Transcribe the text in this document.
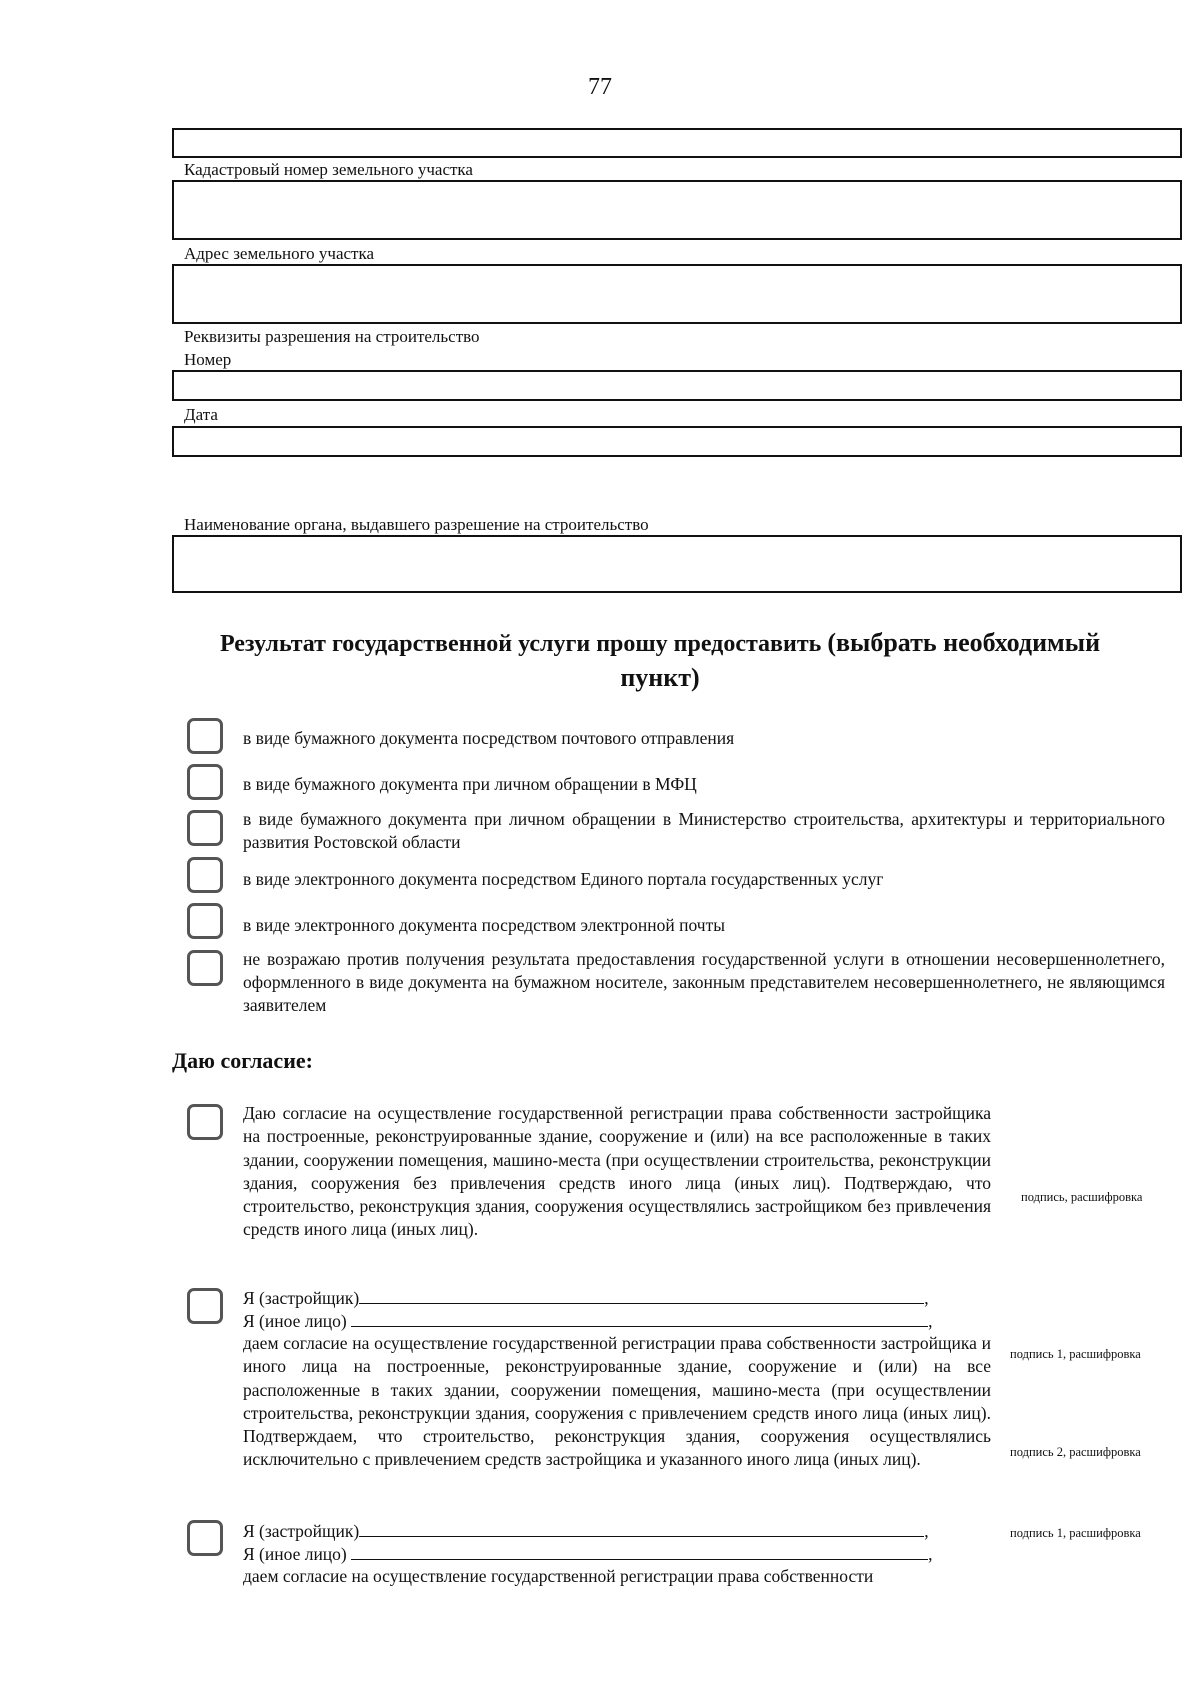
77
Кадастровый номер земельного участка
Адрес земельного участка
Реквизиты разрешения на строительство
Номер
Дата
Наименование органа, выдавшего разрешение на строительство
Результат государственной услуги прошу предоставить (выбрать необходимый
пункт)
в виде бумажного документа посредством почтового отправления
в виде бумажного документа при личном обращении в МФЦ
в виде бумажного документа при личном обращении в Министерство строительства, архитектуры и территориального развития Ростовской области
в виде электронного документа посредством Единого портала государственных услуг
в виде электронного документа посредством электронной почты
не возражаю против получения результата предоставления государственной услуги в отношении несовершеннолетнего, оформленного в виде документа на бумажном носителе, законным представителем несовершеннолетнего, не являющимся заявителем
Даю согласие:
Даю согласие на осуществление государственной регистрации права собственности застройщика на построенные, реконструированные здание, сооружение и (или) на все расположенные в таких здании, сооружении помещения, машино-места (при осуществлении строительства, реконструкции здания, сооружения без привлечения средств иного лица (иных лиц). Подтверждаю, что строительство, реконструкция здания, сооружения осуществлялись застройщиком без привлечения средств иного лица (иных лиц).
подпись, расшифровка
Я (застройщик)	,
Я (иное лицо)	,
даем согласие на осуществление государственной регистрации права собственности застройщика и иного лица на построенные, реконструированные здание, сооружение и (или) на все расположенные в таких здании, сооружении помещения, машино-места (при осуществлении строительства, реконструкции здания, сооружения с привлечением средств иного лица (иных лиц). Подтверждаем, что строительство, реконструкция здания, сооружения осуществлялись исключительно с привлечением средств застройщика и указанного иного лица (иных лиц).
подпись 1, расшифровка
подпись 2, расшифровка
Я (застройщик)	,
Я (иное лицо)	,
даем согласие на осуществление государственной регистрации права собственности
подпись 1, расшифровка
